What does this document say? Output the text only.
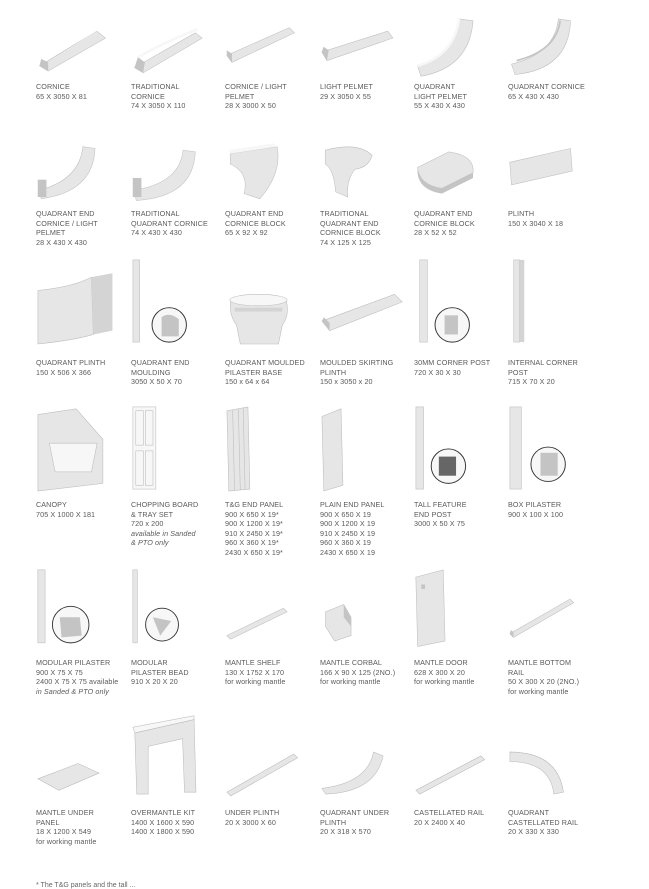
CORNICE
65 X 3050 X 81
TRADITIONAL
CORNICE
74 X 3050 X 110
CORNICE / LIGHT
PELMET
28 X 3000 X 50
LIGHT PELMET
29 X 3050 X 55
QUADRANT
LIGHT PELMET
55 X 430 X 430
QUADRANT CORNICE
65 X 430 X 430
QUADRANT END
CORNICE / LIGHT
PELMET
28 X 430 X 430
TRADITIONAL
QUADRANT CORNICE
74 X 430 X 430
QUADRANT END
CORNICE BLOCK
65 X 92 X 92
TRADITIONAL
QUADRANT END
CORNICE BLOCK
74 X 125 X 125
QUADRANT END
CORNICE BLOCK
28 X 52 X 52
PLINTH
150 X 3040 X 18
QUADRANT PLINTH
150 X 506 X 366
QUADRANT END
MOULDING
3050 X 50 X 70
QUADRANT MOULDED
PILASTER BASE
150 x 64 x 64
MOULDED SKIRTING
PLINTH
150 x 3050 x 20
30MM CORNER POST
720 X 30 X 30
INTERNAL CORNER
POST
715 X 70 X 20
CANOPY
705 X 1000 X 181
CHOPPING BOARD
& TRAY SET
720 x 200
available in Sanded
& PTO only
T&G END PANEL
900 X 650 X 19*
900 X 1200 X 19*
910 X 2450 X 19*
960 X 360 X 19*
2430 X 650 X 19*
PLAIN END PANEL
900 X 650 X 19
900 X 1200 X 19
910 X 2450 X 19
960 X 360 X 19
2430 X 650 X 19
TALL FEATURE
END POST
3000 X 50 X 75
BOX PILASTER
900 X 100 X 100
MODULAR PILASTER
900 X 75 X 75
2400 X 75 X 75 available
in Sanded & PTO only
MODULAR
PILASTER BEAD
910 X 20 X 20
MANTLE SHELF
130 X 1752 X 170
for working mantle
MANTLE CORBAL
166 X 90 X 125 (2NO.)
for working mantle
MANTLE DOOR
628 X 300 X 20
for working mantle
MANTLE BOTTOM
RAIL
50 X 300 X 20 (2NO.)
for working mantle
MANTLE UNDER
PANEL
18 X 1200 X 549
for working mantle
OVERMANTLE KIT
1400 X 1600 X 590
1400 X 1800 X 590
UNDER PLINTH
20 X 3000 X 60
QUADRANT UNDER
PLINTH
20 X 318 X 570
CASTELLATED RAIL
20 X 2400 X 40
QUADRANT
CASTELLATED RAIL
20 X 330 X 330
* The T&G panels and the tall ...
